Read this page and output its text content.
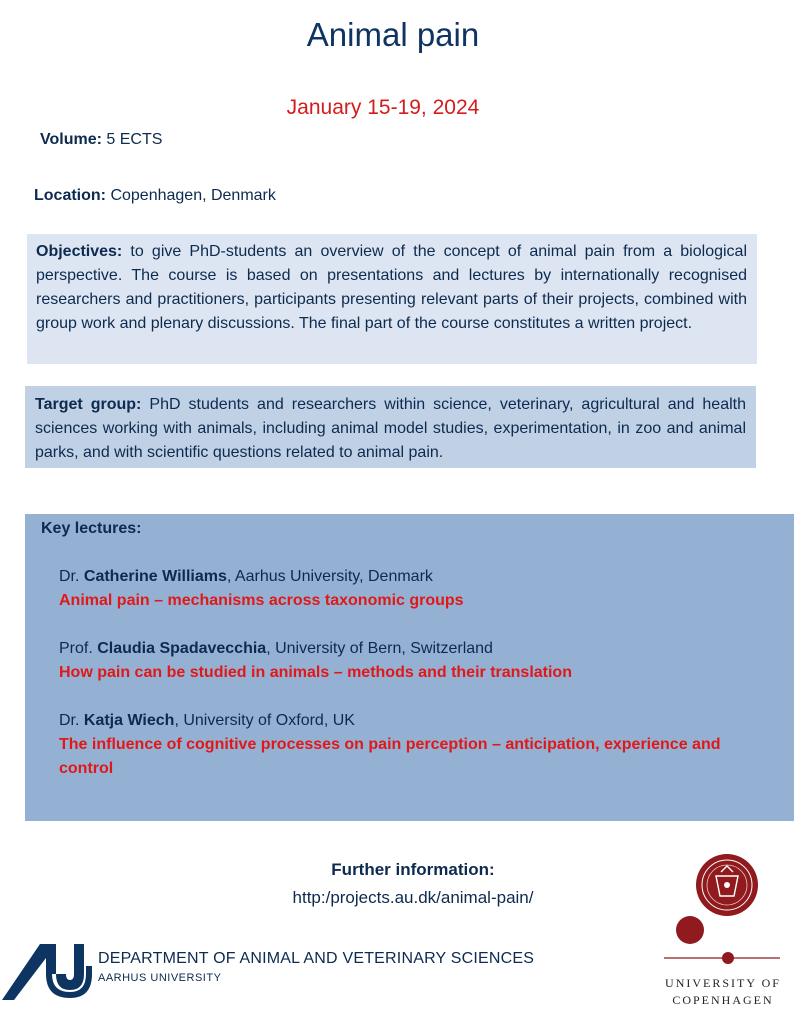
Animal pain
January 15-19, 2024
Volume: 5 ECTS
Location: Copenhagen, Denmark
Objectives: to give PhD-students an overview of the concept of animal pain from a biological perspective. The course is based on presentations and lectures by internationally recognised researchers and practitioners, participants presenting relevant parts of their projects, combined with group work and plenary discussions. The final part of the course constitutes a written project.
Target group: PhD students and researchers within science, veterinary, agricultural and health sciences working with animals, including animal model studies, experimentation, in zoo and animal parks, and with scientific questions related to animal pain.
Key lectures:
Dr. Catherine Williams, Aarhus University, Denmark
Animal pain – mechanisms across taxonomic groups
Prof. Claudia Spadavecchia, University of Bern, Switzerland
How pain can be studied in animals – methods and their translation
Dr. Katja Wiech, University of Oxford, UK
The influence of cognitive processes on pain perception – anticipation, experience and control
Further information:
http:/projects.au.dk/animal-pain/
DEPARTMENT OF ANIMAL AND VETERINARY SCIENCES
AARHUS UNIVERSITY	UNIVERSITY OF
COPENHAGEN
